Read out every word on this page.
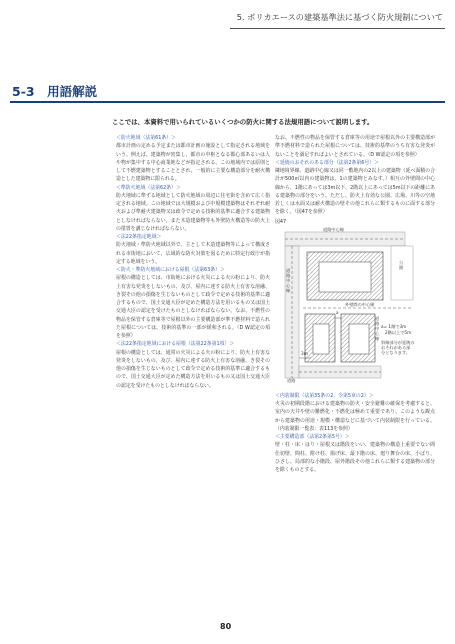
5. ポリカエースの建築基準法に基づく防火規制について
5-3　用語解説
ここでは、本資料で用いられているいくつかの防火に関する法規用語について説明します。
＜防火地域（法第61条）＞
都市計画の定める予定または都市計画の施設として指定される地域をいう。例えば、建築物が密集し、都市の中枢となる都心部あるいは人や物が集中する中心商業地などが指定される。この地域内では原則として不燃建築物とすることとされ、一般的に主要な構造部分を耐火構造とした建築物に限られる。
＜準防火地域（法第62条）＞
防火地域に準ずる地域として防火地域の周辺に住宅街を含めて広く指定される地域。この地域では大規模および中規模建築物はそれぞれ耐火および準耐火建築物又は政令で定める技術的基準に適合する建築物としなければならない。また木造建築物等も外壁防火構造等の防火上の措置を講じなければならない。
＜法22条指定地域＞
防火地域・準防火地域以外で、主として木造建築物等によって構成される市街地において、広域的な防火対策を図るために特定行政庁が指定する地域をいう。
＜防火・準防火地域における屋根（法第63条）＞
屋根の構造としては、市街地における火災による火の粉により、防火上有害な発炎をしないもの、及び、屋内に達する防火上有害な溶融、き裂その他の損傷を生じないものとして政令で定める技術的基準に適合するもので、国土交通大臣が定めた構造方法を用いるもの又は国土交通大臣の認定を受けたものとしなければならない。なお、不燃性の物品を保管する倉庫等で屋根以外の主要構造部が準不燃材料で造られた屋根については、技術的基準の一部が緩和される。（D W認定の項を参照）
＜法22条指定地域における屋根（法第22条第1項）＞
屋根の構造としては、通常の火災による火の粉により、防火上有害な発炎をしないもの、及び、屋内に達する防火上有害な溶融、き裂その他の損傷を生じないものとして政令で定める技術的基準に適合するもので、国土交通大臣が定めた構造方法を用いるもの又は国土交通大臣の認定を受けたものとしなければならない。
なお、不燃性の物品を保管する倉庫等の用途で屋根以外の主要構造部が準不燃材料で造られた屋根については、技術的基準のうち有害な発炎がないことを満足すればよいとされている。（D W認定の項を参照）
＜延焼のおそれのある部分（法第2条第6号）＞
隣地境界線、道路中心線又は同一敷地内の2以上の建築物（延べ面積の合計が500㎡以内の建築物は、1の建築物とみなす。）相互の外壁間の中心線から、1階にあっては3m以下、2階以上にあっては5m以下の距離にある建築物の部分をいう。ただし、防火上有効な公園、広場、川等の空地若しくは水面又は耐火構造の壁その他これらに類するものに面する部分を除く。（図47を参照）
図47
道路中心線
公園
道路中心線
道路中心線
外壁間の中心線
a= 1階で3m
2階以上で5m
斜線部分が延焼の
おそれがある部
分となります。
道路
3m
a
＜内装制限（法第35条の2、令第5章の2）＞
火災の初期段階における建築物の防火・安全避難の確保を考慮すると、室内の天井や壁の難燃化・不燃化は極めて重要であり、このような観点から建築物の用途・規模・構造などに基づいて内装制限を行っている。（内装制限一覧表：表113を参照）
＜主要構造部（法第2条第5号）＞
壁・柱・床・はり・屋根又は階段をいい、建築物の構造上重要でない間仕切壁、間柱、附け柱、揚げ床、最下階の床、廻り舞台の床、小ばり、ひさし、局部的な小階段、屋外階段その他これらに類する建築物の部分を除くものとする。
80
